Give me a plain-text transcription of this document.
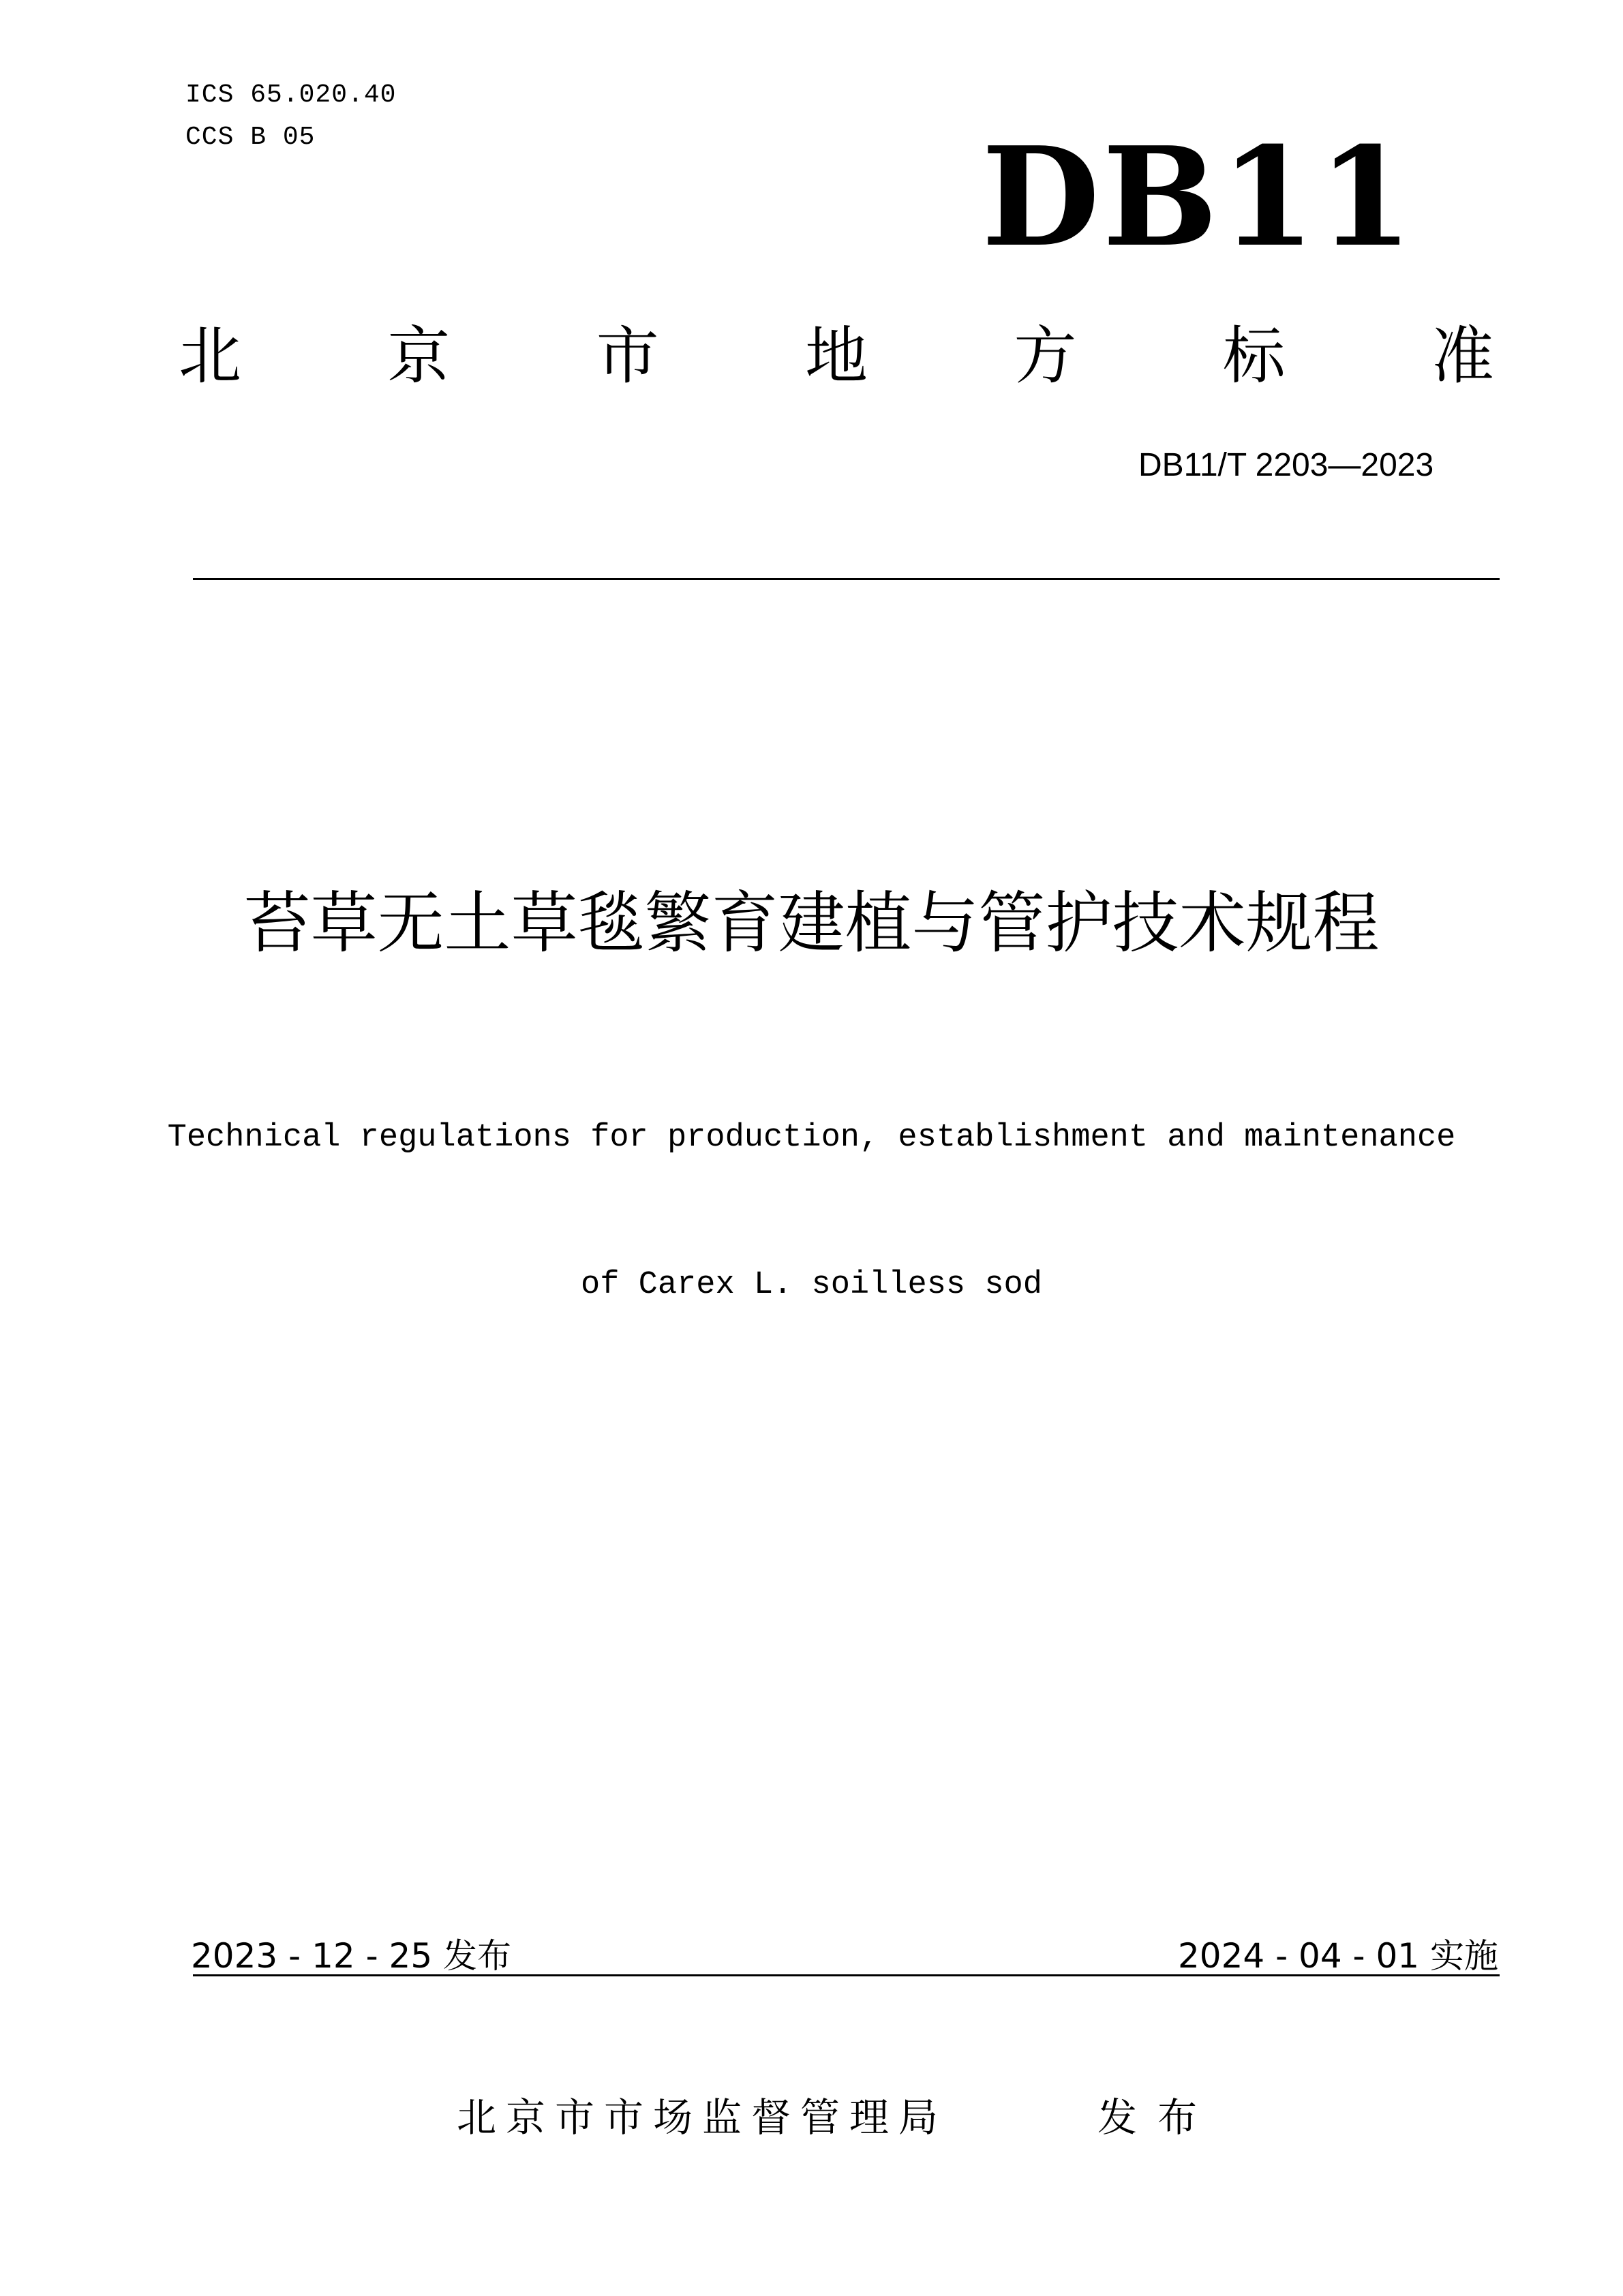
ICS 65.020.40
CCS B 05	DB11
北 京 市 地 方 标 准
DB11/T 2203—2023
苔草无土草毯繁育建植与管护技术规程

Technical regulations for production, establishment and maintenance

of Carex L. soilless sod

2023 - 12 - 25 发布	2024 - 04 - 01 实施
北京市市场监督管理局	发布
